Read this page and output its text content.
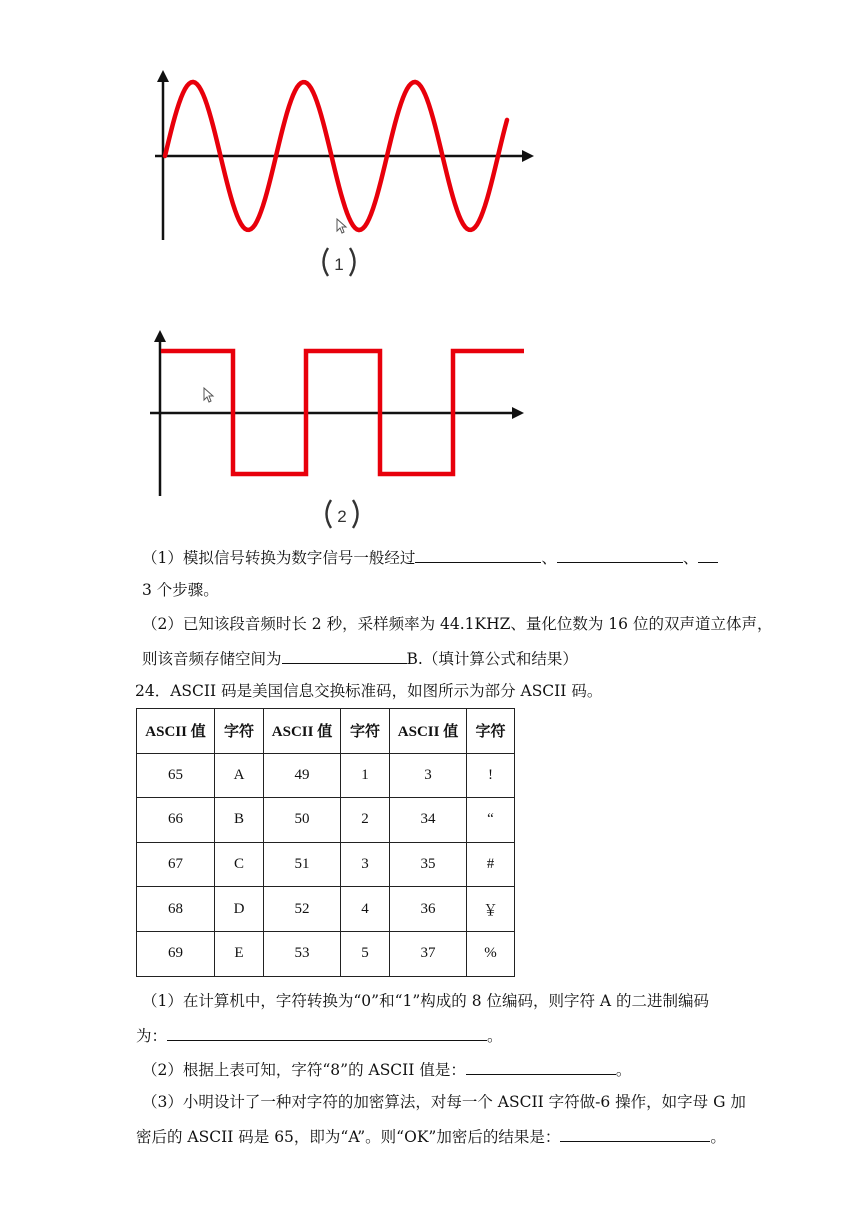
1
2
（1）模拟信号转换为数字信号一般经过	、	、
3 个步骤。
（2）已知该段音频时长 2 秒，采样频率为 44.1KHZ、量化位数为 16 位的双声道立体声，
则该音频存储空间为	B.（填计算公式和结果）
24．ASCII 码是美国信息交换标准码，如图所示为部分 ASCII 码。
ASCII 值	字符	ASCII 值	字符	ASCII 值	字符
65	A	49	1	3	!
66	B	50	2	34	“
67	C	51	3	35	#
68	D	52	4	36	￥
69	E	53	5	37	%
（1）在计算机中，字符转换为“0”和“1”构成的 8 位编码，则字符 A 的二进制编码
为：	。
（2）根据上表可知，字符“8”的 ASCII 值是：	。
（3）小明设计了一种对字符的加密算法，对每一个 ASCII 字符做-6 操作，如字母 G 加
密后的 ASCII 码是 65，即为“A”。则“OK”加密后的结果是：	。
